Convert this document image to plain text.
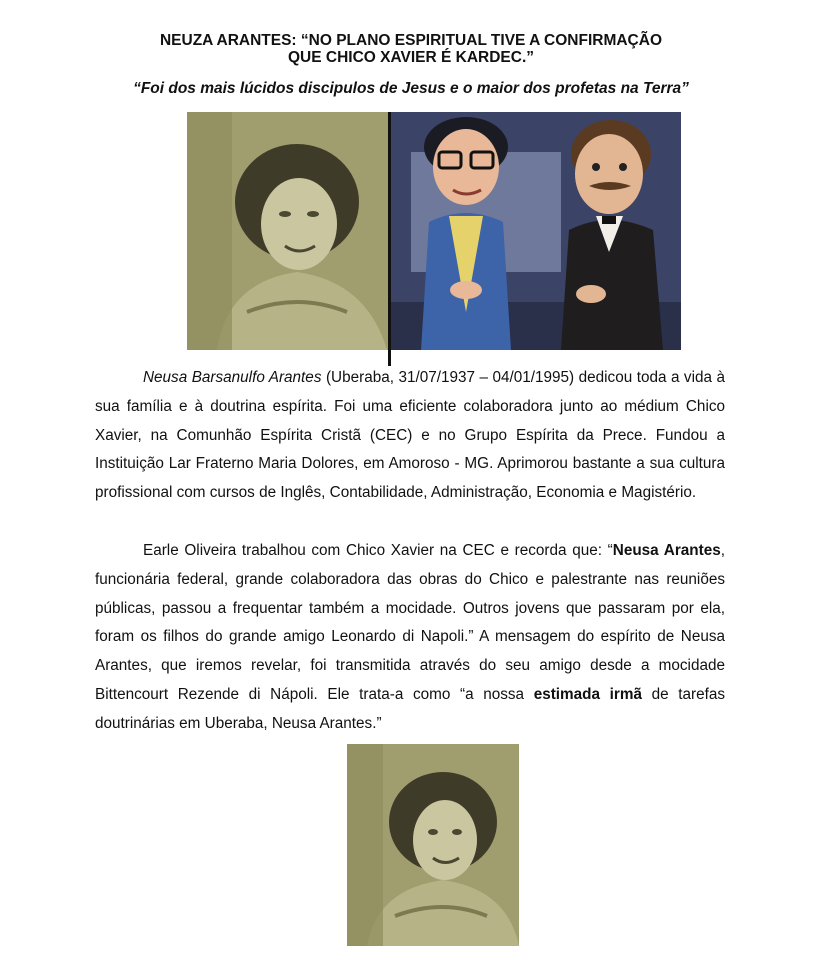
NEUZA ARANTES: “NO PLANO ESPIRITUAL TIVE A CONFIRMAÇÃO
QUE CHICO XAVIER É KARDEC.”
“Foi dos mais lúcidos discipulos de Jesus e o maior dos profetas na Terra”
Neusa Barsanulfo Arantes (Uberaba, 31/07/1937 – 04/01/1995) dedicou toda a vida à sua família e à doutrina espírita. Foi uma eficiente colaboradora junto ao médium Chico Xavier, na Comunhão Espírita Cristã (CEC) e no Grupo Espírita da Prece. Fundou a Instituição Lar Fraterno Maria Dolores, em Amoroso - MG. Aprimorou bastante a sua cultura profissional com cursos de Inglês, Contabilidade, Administração, Economia e Magistério.
Earle Oliveira trabalhou com Chico Xavier na CEC e recorda que: “Neusa Arantes, funcionária federal, grande colaboradora das obras do Chico e palestrante nas reuniões públicas, passou a frequentar também a mocidade. Outros jovens que passaram por ela, foram os filhos do grande amigo Leonardo di Napoli.” A mensagem do espírito de Neusa Arantes, que iremos revelar, foi transmitida através do seu amigo desde a mocidade Bittencourt Rezende di Nápoli. Ele trata-a como “a nossa estimada irmã de tarefas doutrinárias em Uberaba, Neusa Arantes.”
